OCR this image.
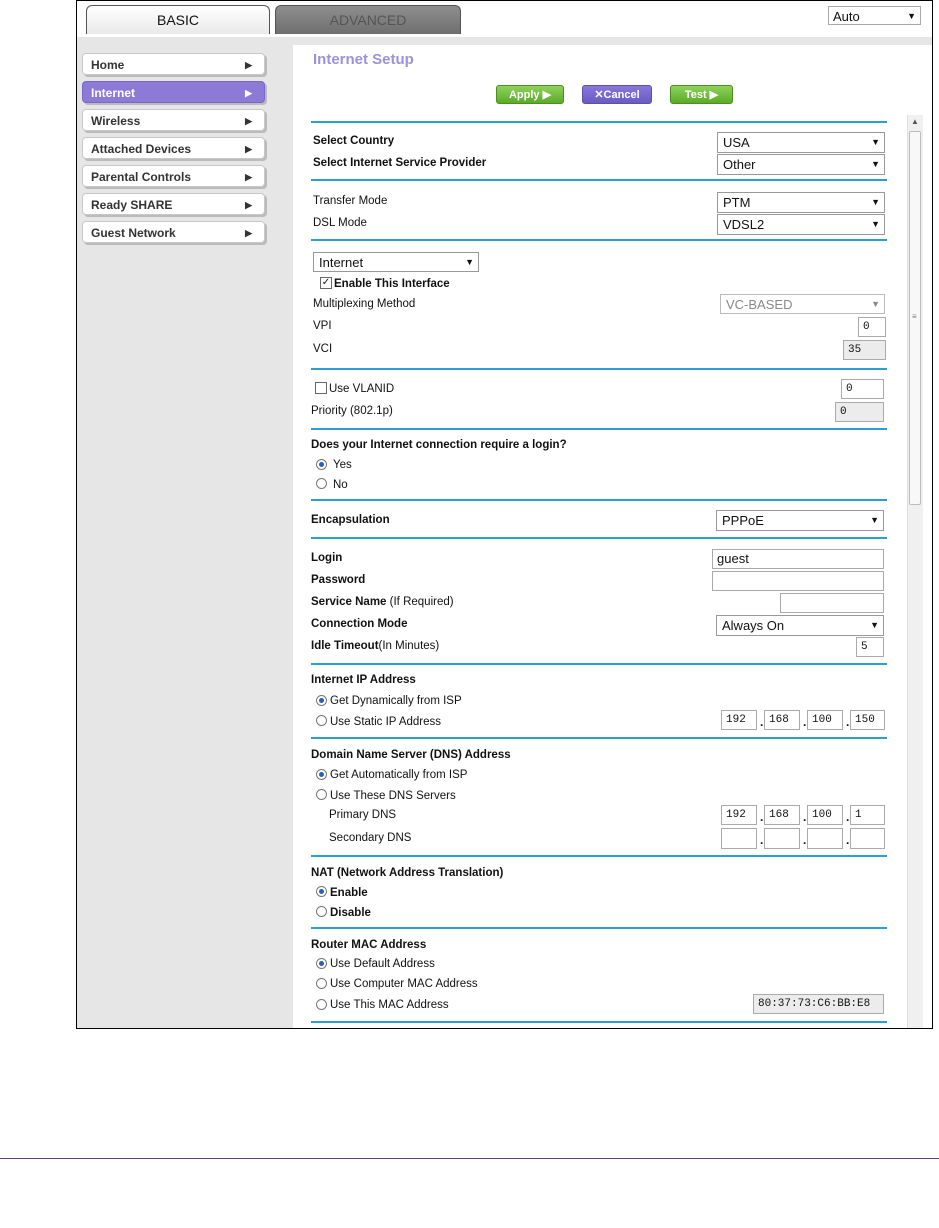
BASIC	ADVANCED	Auto	▼
Home	▶
Internet	▶
Wireless	▶
Attached Devices	▶
Parental Controls	▶
Ready SHARE	▶
Guest Network	▶
Internet Setup
Apply ▶	✕Cancel	Test ▶
Select Country	USA	▼
Select Internet Service Provider	Other	▼
Transfer Mode	PTM	▼
DSL Mode	VDSL2	▼
Internet	▼
✓ Enable This Interface
Multiplexing Method	VC-BASED	▼
VPI	0
VCI	35
Use VLANID	0
Priority (802.1p)	0
Does your Internet connection require a login?
Yes
No
Encapsulation	PPPoE	▼
Login	guest
Password
Service Name (If Required)
Connection Mode	Always On	▼
Idle Timeout(In Minutes)	5
Internet IP Address
Get Dynamically from ISP
Use Static IP Address	192	. 168	. 100	. 150
Domain Name Server (DNS) Address
Get Automatically from ISP
Use These DNS Servers
Primary DNS	192	. 168	. 100	. 1
Secondary DNS	.	.	.
NAT (Network Address Translation)
Enable
Disable
Router MAC Address
Use Default Address
Use Computer MAC Address
Use This MAC Address	80:37:73:C6:BB:E8
▲
≡
